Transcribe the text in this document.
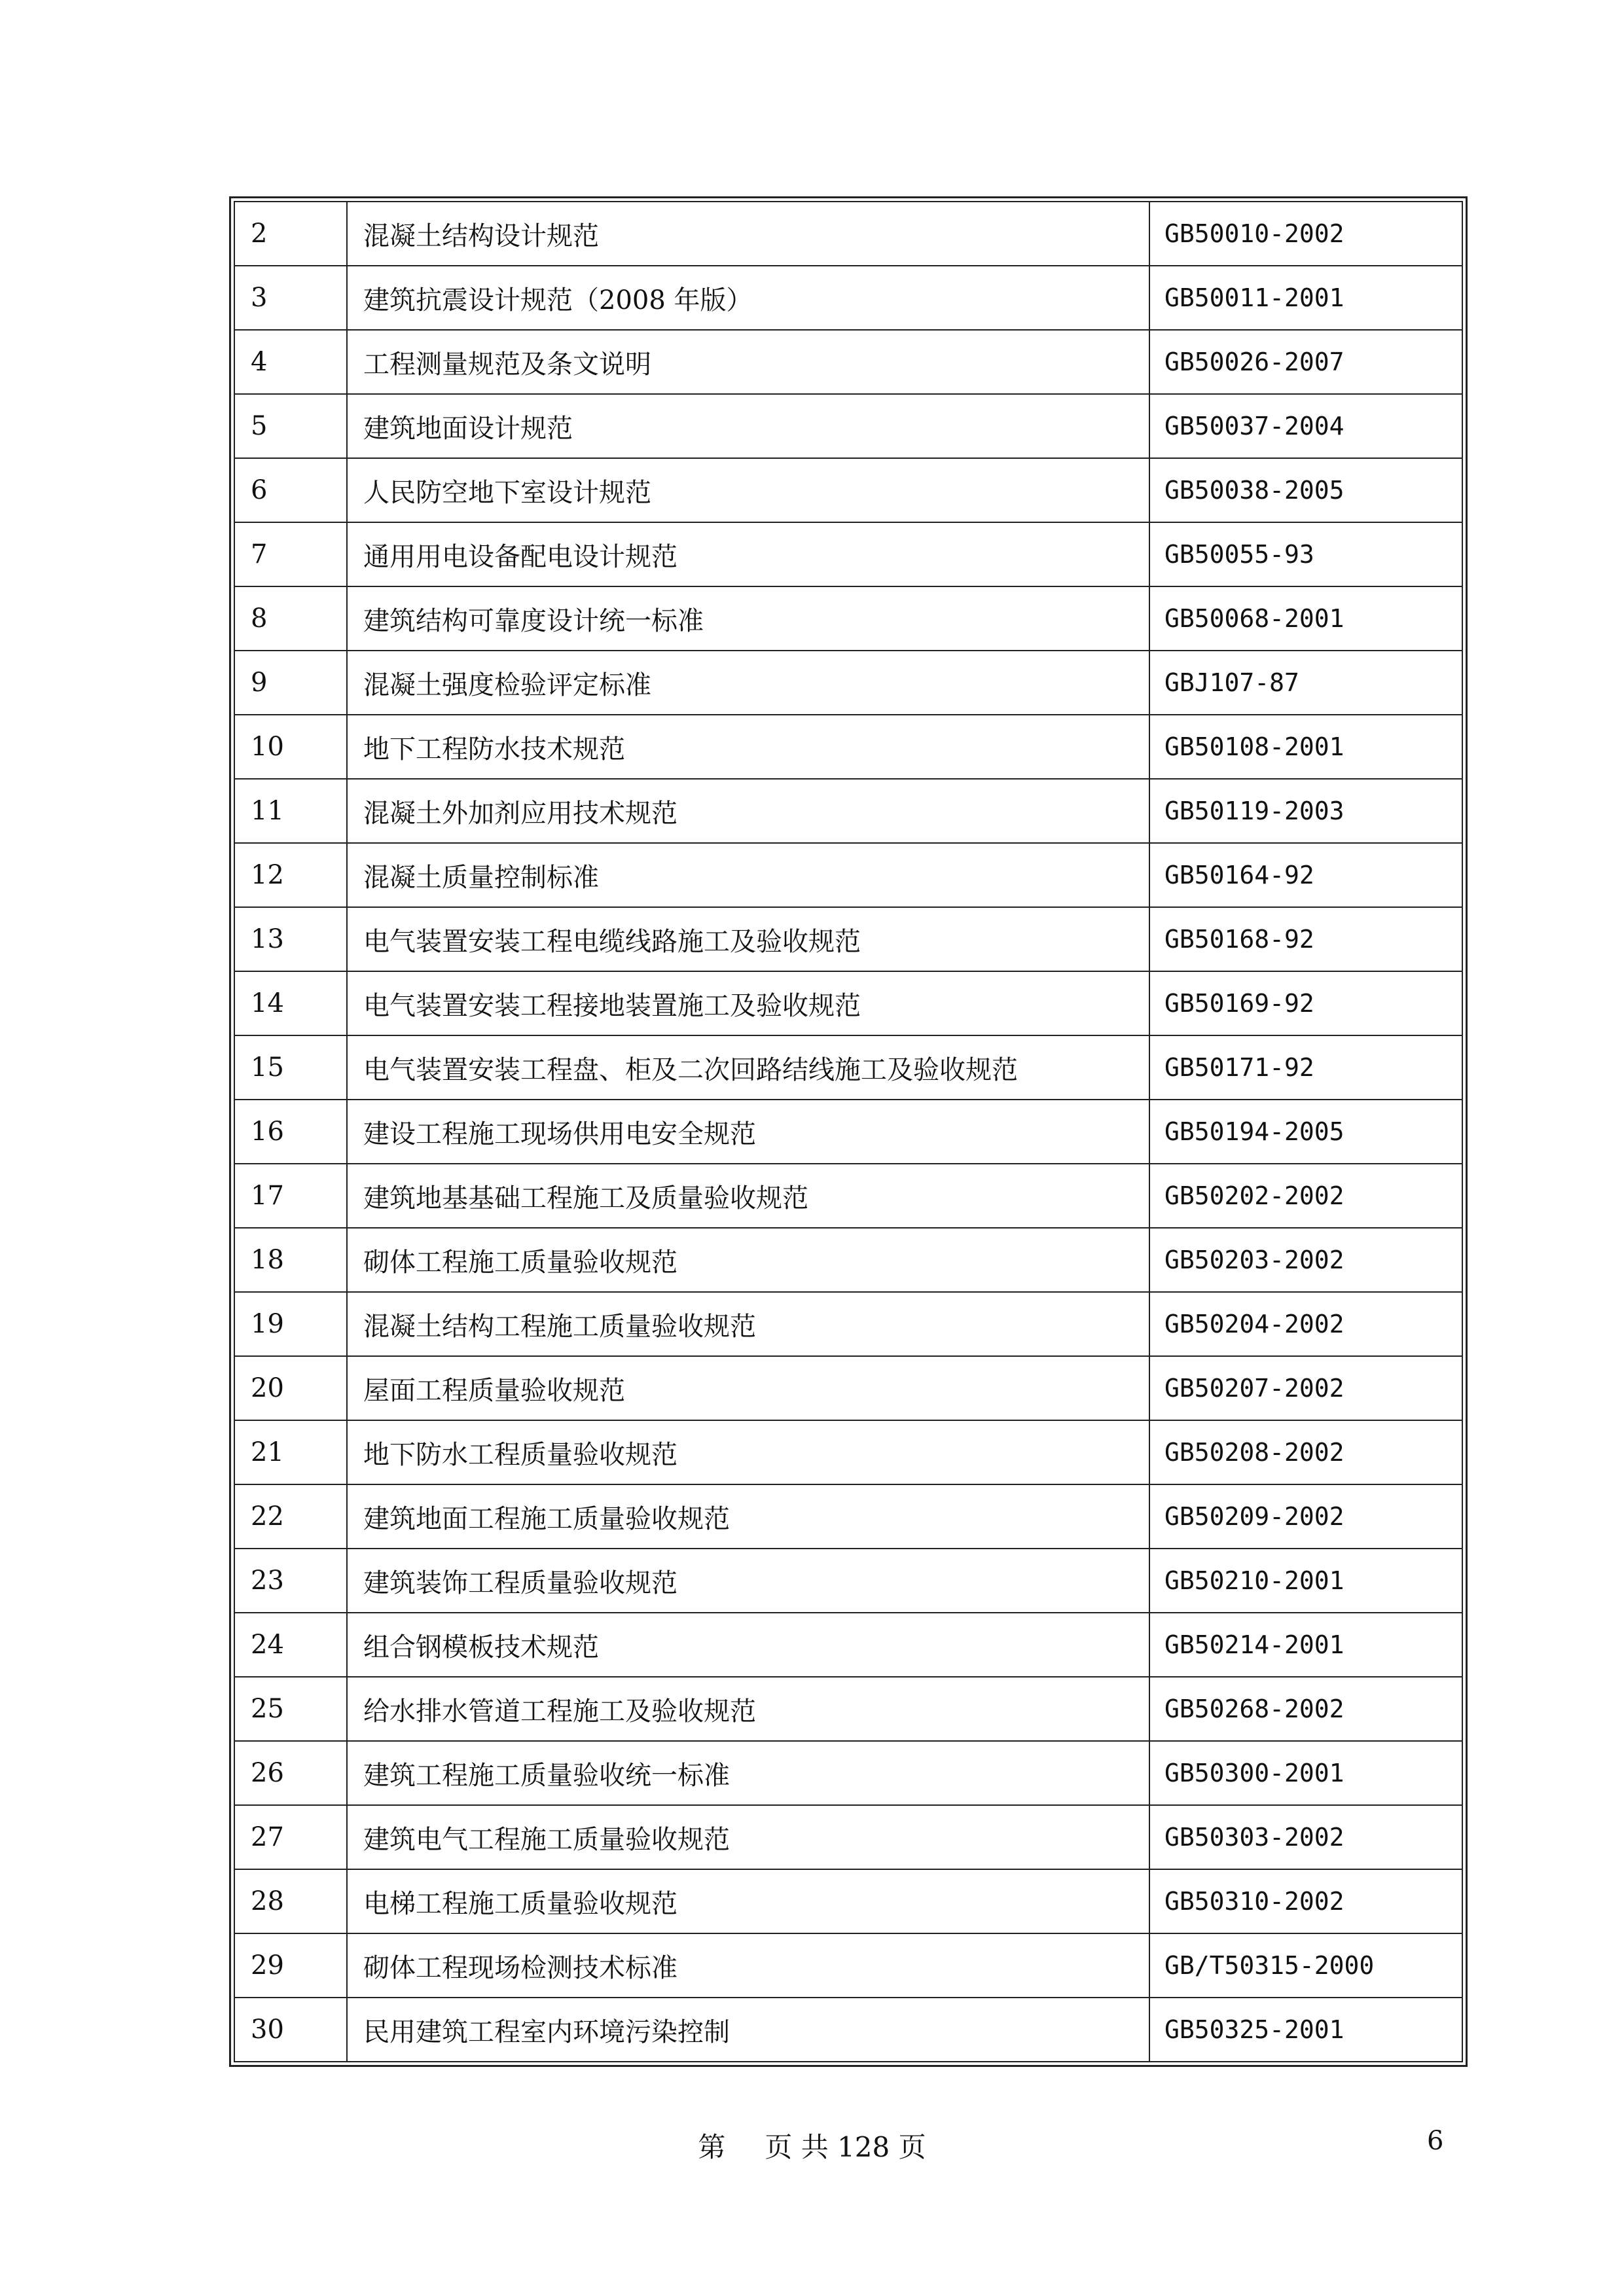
2	混凝土结构设计规范	GB50010-2002
3	建筑抗震设计规范（2008 年版）	GB50011-2001
4	工程测量规范及条文说明	GB50026-2007
5	建筑地面设计规范	GB50037-2004
6	人民防空地下室设计规范	GB50038-2005
7	通用用电设备配电设计规范	GB50055-93
8	建筑结构可靠度设计统一标准	GB50068-2001
9	混凝土强度检验评定标准	GBJ107-87
10	地下工程防水技术规范	GB50108-2001
11	混凝土外加剂应用技术规范	GB50119-2003
12	混凝土质量控制标准	GB50164-92
13	电气装置安装工程电缆线路施工及验收规范	GB50168-92
14	电气装置安装工程接地装置施工及验收规范	GB50169-92
15	电气装置安装工程盘、柜及二次回路结线施工及验收规范	GB50171-92
16	建设工程施工现场供用电安全规范	GB50194-2005
17	建筑地基基础工程施工及质量验收规范	GB50202-2002
18	砌体工程施工质量验收规范	GB50203-2002
19	混凝土结构工程施工质量验收规范	GB50204-2002
20	屋面工程质量验收规范	GB50207-2002
21	地下防水工程质量验收规范	GB50208-2002
22	建筑地面工程施工质量验收规范	GB50209-2002
23	建筑装饰工程质量验收规范	GB50210-2001
24	组合钢模板技术规范	GB50214-2001
25	给水排水管道工程施工及验收规范	GB50268-2002
26	建筑工程施工质量验收统一标准	GB50300-2001
27	建筑电气工程施工质量验收规范	GB50303-2002
28	电梯工程施工质量验收规范	GB50310-2002
29	砌体工程现场检测技术标准	GB/T50315-2000
30	民用建筑工程室内环境污染控制	GB50325-2001
第 页 共 128 页	6
